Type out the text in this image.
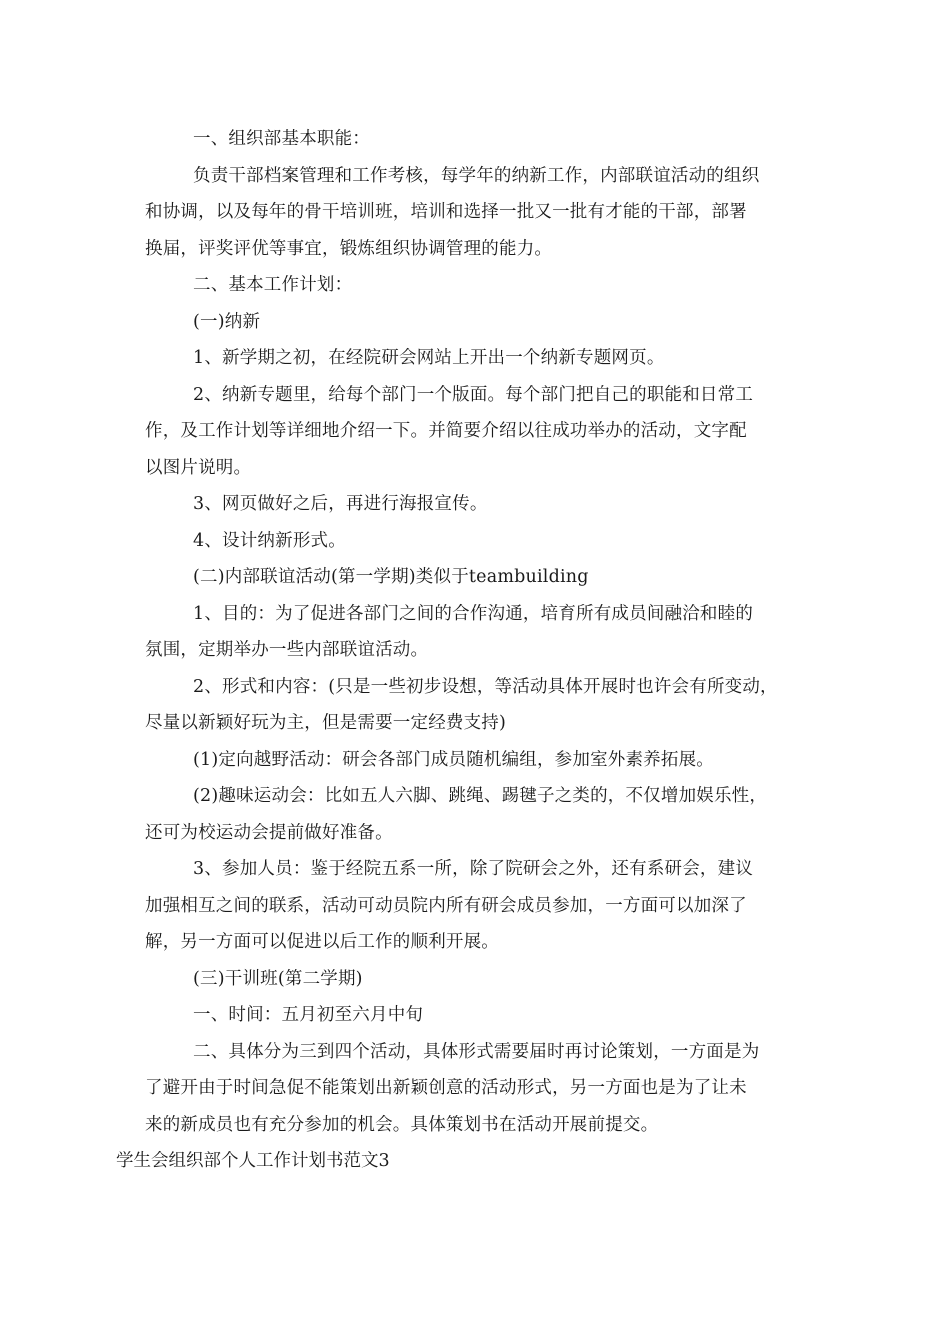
一、组织部基本职能：
负责干部档案管理和工作考核，每学年的纳新工作，内部联谊活动的组织
和协调，以及每年的骨干培训班，培训和选择一批又一批有才能的干部，部署
换届，评奖评优等事宜，锻炼组织协调管理的能力。
二、基本工作计划：
(一)纳新
1、新学期之初，在经院研会网站上开出一个纳新专题网页。
2、纳新专题里，给每个部门一个版面。每个部门把自己的职能和日常工
作，及工作计划等详细地介绍一下。并简要介绍以往成功举办的活动，文字配
以图片说明。
3、网页做好之后，再进行海报宣传。
4、设计纳新形式。
(二)内部联谊活动(第一学期)类似于teambuilding
1、目的：为了促进各部门之间的合作沟通，培育所有成员间融洽和睦的
氛围，定期举办一些内部联谊活动。
2、形式和内容：(只是一些初步设想，等活动具体开展时也许会有所变动，
尽量以新颖好玩为主，但是需要一定经费支持)
(1)定向越野活动：研会各部门成员随机编组，参加室外素养拓展。
(2)趣味运动会：比如五人六脚、跳绳、踢毽子之类的，不仅增加娱乐性，
还可为校运动会提前做好准备。
3、参加人员：鉴于经院五系一所，除了院研会之外，还有系研会，建议
加强相互之间的联系，活动可动员院内所有研会成员参加，一方面可以加深了
解，另一方面可以促进以后工作的顺利开展。
(三)干训班(第二学期)
一、时间：五月初至六月中旬
二、具体分为三到四个活动，具体形式需要届时再讨论策划，一方面是为
了避开由于时间急促不能策划出新颖创意的活动形式，另一方面也是为了让未
来的新成员也有充分参加的机会。具体策划书在活动开展前提交。
学生会组织部个人工作计划书范文3
